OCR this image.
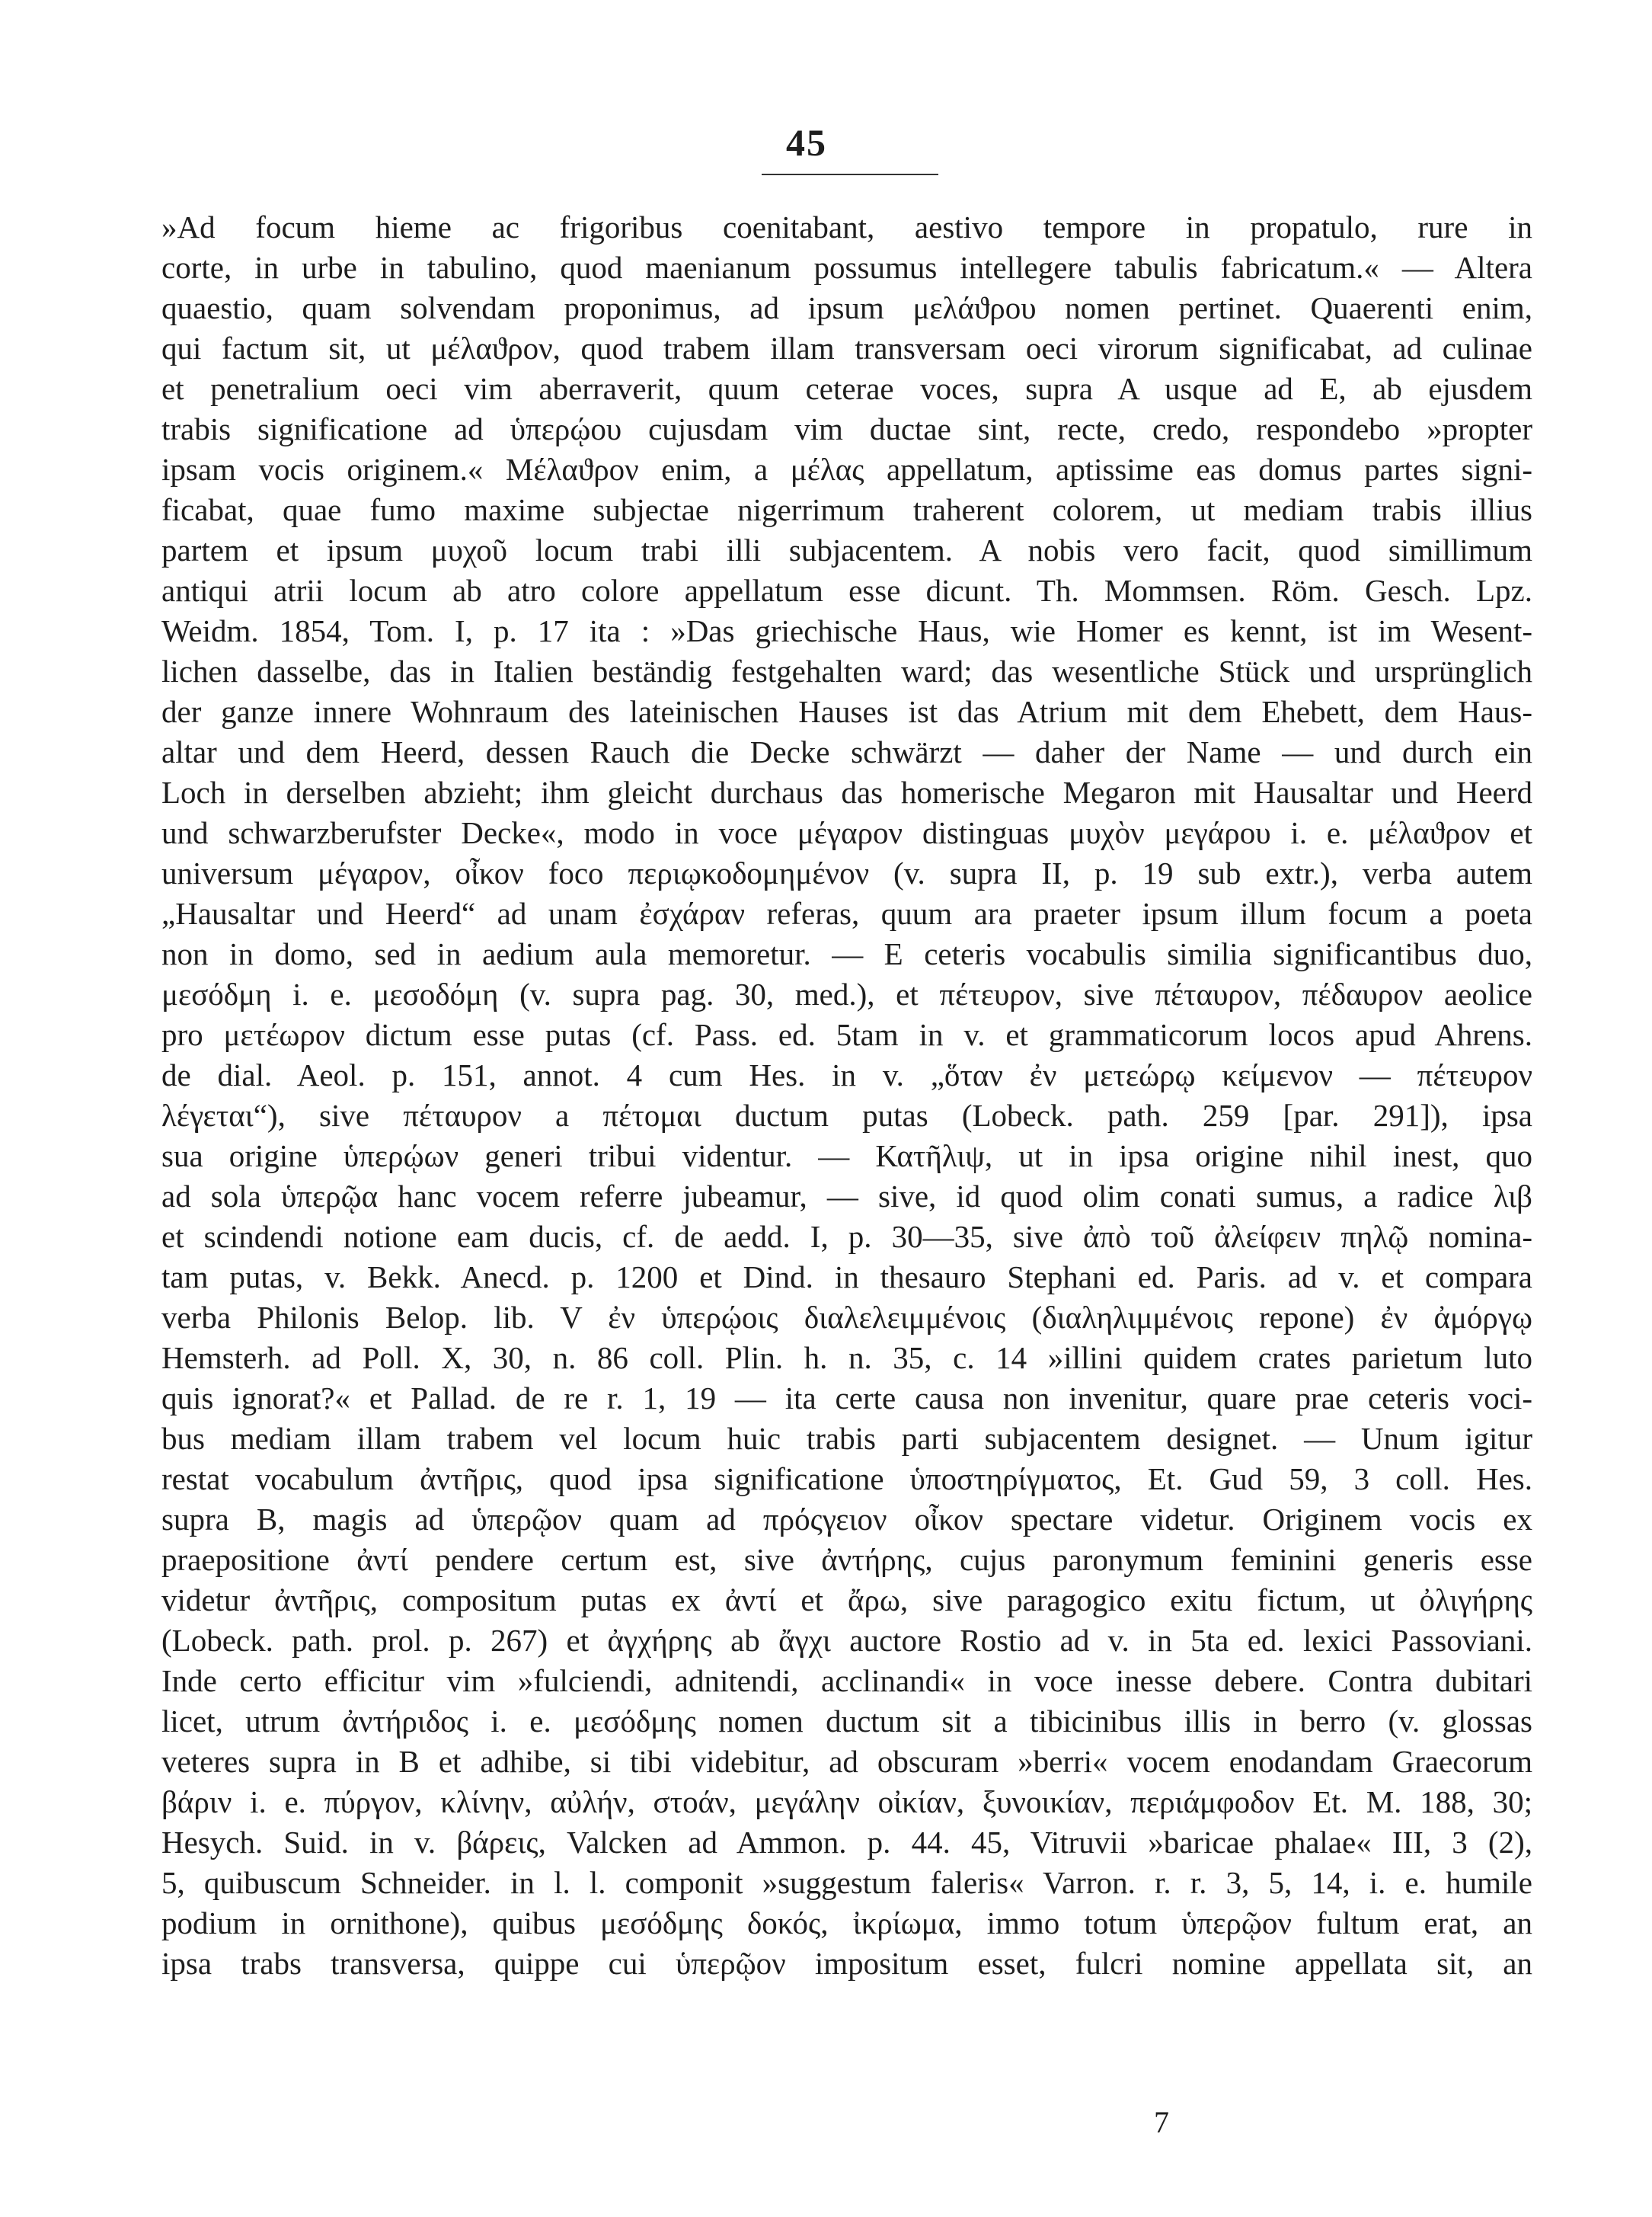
45
»Ad focum hieme ac frigoribus coenitabant, aestivo tempore in propatulo, rure in
corte, in urbe in tabulino, quod maenianum possumus intellegere tabulis fabricatum.« — Altera
quaestio, quam solvendam proponimus, ad ipsum μελάϑρου nomen pertinet. Quaerenti enim,
qui factum sit, ut μέλαϑρον, quod trabem illam transversam oeci virorum significabat, ad culinae
et penetralium oeci vim aberraverit, quum ceterae voces, supra A usque ad E, ab ejusdem
trabis significatione ad ὑπερῴου cujusdam vim ductae sint, recte, credo, respondebo »propter
ipsam vocis originem.« Μέλαϑρον enim, a μέλας appellatum, aptissime eas domus partes signi-
ficabat, quae fumo maxime subjectae nigerrimum traherent colorem, ut mediam trabis illius
partem et ipsum μυχοῦ locum trabi illi subjacentem. A nobis vero facit, quod simillimum
antiqui atrii locum ab atro colore appellatum esse dicunt. Th. Mommsen. Röm. Gesch. Lpz.
Weidm. 1854, Tom. I, p. 17 ita : »Das griechische Haus, wie Homer es kennt, ist im Wesent-
lichen dasselbe, das in Italien beständig festgehalten ward; das wesentliche Stück und ursprünglich
der ganze innere Wohnraum des lateinischen Hauses ist das Atrium mit dem Ehebett, dem Haus-
altar und dem Heerd, dessen Rauch die Decke schwärzt — daher der Name — und durch ein
Loch in derselben abzieht; ihm gleicht durchaus das homerische Megaron mit Hausaltar und Heerd
und schwarzberufster Decke«, modo in voce μέγαρον distinguas μυχὸν μεγάρου i. e. μέλαϑρον et
universum μέγαρον, οἶκον foco περιῳκοδομημένον (v. supra II, p. 19 sub extr.), verba autem
„Hausaltar und Heerd“ ad unam ἐσχάραν referas, quum ara praeter ipsum illum focum a poeta
non in domo, sed in aedium aula memoretur. — E ceteris vocabulis similia significantibus duo,
μεσόδμη i. e. μεσοδόμη (v. supra pag. 30, med.), et πέτευρον, sive πέταυρον, πέδαυρον aeolice
pro μετέωρον dictum esse putas (cf. Pass. ed. 5tam in v. et grammaticorum locos apud Ahrens.
de dial. Aeol. p. 151, annot. 4 cum Hes. in v. „ὅταν ἐν μετεώρῳ κείμενον — πέτευρον
λέγεται“), sive πέταυρον a πέτομαι ductum putas (Lobeck. path. 259 [par. 291]), ipsa
sua origine ὑπερῴων generi tribui videntur. — Κατῆλιψ, ut in ipsa origine nihil inest, quo
ad sola ὑπερῷα hanc vocem referre jubeamur, — sive, id quod olim conati sumus, a radice λιβ
et scindendi notione eam ducis, cf. de aedd. I, p. 30—35, sive ἀπὸ τοῦ ἀλείφειν πηλῷ nomina-
tam putas, v. Bekk. Anecd. p. 1200 et Dind. in thesauro Stephani ed. Paris. ad v. et compara
verba Philonis Belop. lib. V ἐν ὑπερῴοις διαλελειμμένοις (διαληλιμμένοις repone) ἐν ἀμόργῳ
Hemsterh. ad Poll. X, 30, n. 86 coll. Plin. h. n. 35, c. 14 »illini quidem crates parietum luto
quis ignorat?« et Pallad. de re r. 1, 19 — ita certe causa non invenitur, quare prae ceteris voci-
bus mediam illam trabem vel locum huic trabis parti subjacentem designet. — Unum igitur
restat vocabulum ἀντῆρις, quod ipsa significatione ὑποστηρίγματος, Et. Gud 59, 3 coll. Hes.
supra B, magis ad ὑπερῷον quam ad πρόςγειον οἶκον spectare videtur. Originem vocis ex
praepositione ἀντί pendere certum est, sive ἀντήρης, cujus paronymum feminini generis esse
videtur ἀντῆρις, compositum putas ex ἀντί et ἄρω, sive paragogico exitu fictum, ut ὀλιγήρης
(Lobeck. path. prol. p. 267) et ἀγχήρης ab ἄγχι auctore Rostio ad v. in 5ta ed. lexici Passoviani.
Inde certo efficitur vim »fulciendi, adnitendi, acclinandi« in voce inesse debere. Contra dubitari
licet, utrum ἀντήριδος i. e. μεσόδμης nomen ductum sit a tibicinibus illis in berro (v. glossas
veteres supra in B et adhibe, si tibi videbitur, ad obscuram »berri« vocem enodandam Graecorum
βάριν i. e. πύργον, κλίνην, αὐλήν, στοάν, μεγάλην οἰκίαν, ξυνοικίαν, περιάμφοδον Et. M. 188, 30;
Hesych. Suid. in v. βάρεις, Valcken ad Ammon. p. 44. 45, Vitruvii »baricae phalae« III, 3 (2),
5, quibuscum Schneider. in l. l. componit »suggestum faleris« Varron. r. r. 3, 5, 14, i. e. humile
podium in ornithone), quibus μεσόδμης δοκός, ἰκρίωμα, immo totum ὑπερῷον fultum erat, an
ipsa trabs transversa, quippe cui ὑπερῷον impositum esset, fulcri nomine appellata sit, an
7
